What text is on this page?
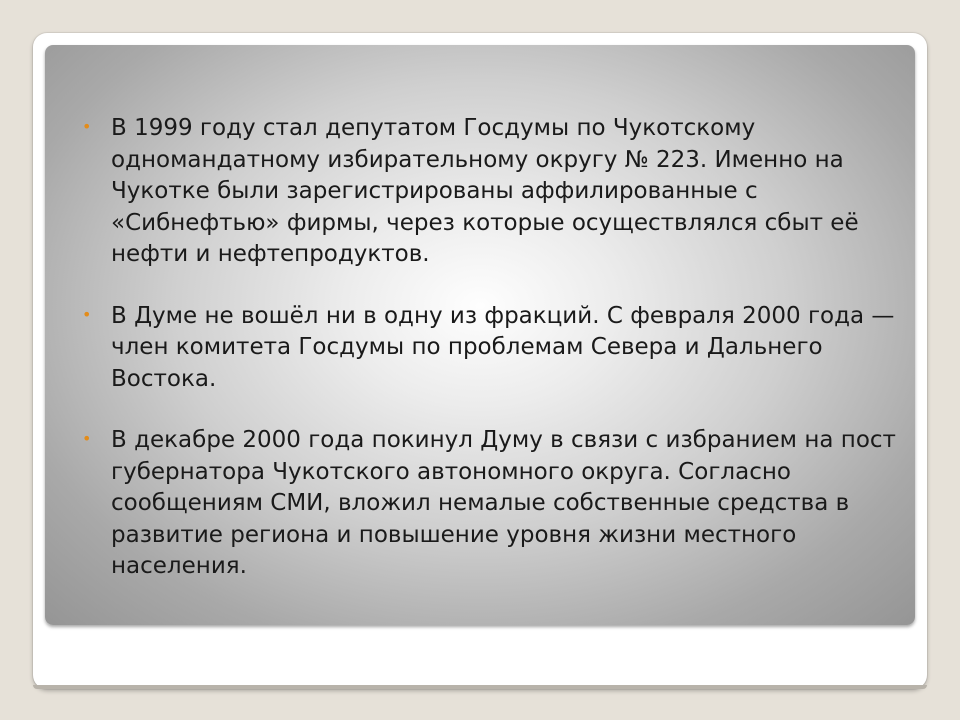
• В 1999 году стал депутатом Госдумы по Чукотскому одномандатному избирательному округу № 223. Именно на Чукотке были зарегистрированы аффилированные с «Сибнефтью» фирмы, через которые осуществлялся сбыт её нефти и нефтепродуктов.
• В Думе не вошёл ни в одну из фракций. С февраля 2000 года — член комитета Госдумы по проблемам Севера и Дальнего Востока.
• В декабре 2000 года покинул Думу в связи с избранием на пост губернатора Чукотского автономного округа. Согласно сообщениям СМИ, вложил немалые собственные средства в развитие региона и повышение уровня жизни местного населения.
